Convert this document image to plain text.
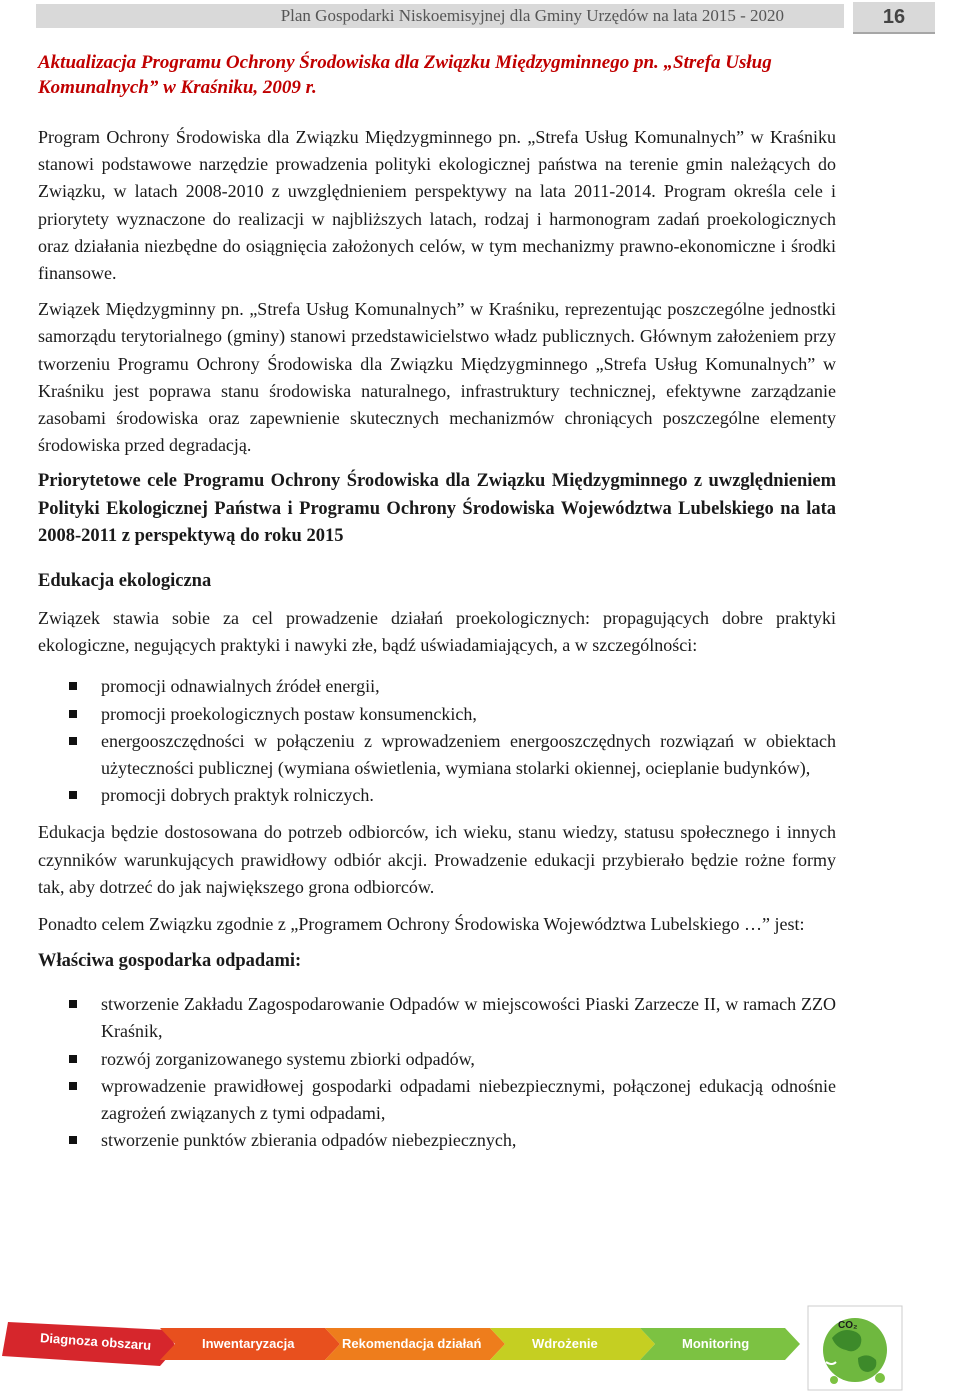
Plan Gospodarki Niskoemisyjnej dla Gminy Urzędów na lata 2015 - 2020	16
Aktualizacja Programu Ochrony Środowiska dla Związku Międzygminnego pn. „Strefa Usług Komunalnych” w Kraśniku, 2009 r.

Program Ochrony Środowiska dla Związku Międzygminnego pn. „Strefa Usług Komunalnych” w Kraśniku stanowi podstawowe narzędzie prowadzenia polityki ekologicznej państwa na terenie gmin należących do Związku, w latach 2008-2010 z uwzględnieniem perspektywy na lata 2011-2014. Program określa cele i priorytety wyznaczone do realizacji w najbliższych latach, rodzaj i harmonogram zadań proekologicznych oraz działania niezbędne do osiągnięcia założonych celów, w tym mechanizmy prawno-ekonomiczne i środki finansowe.

Związek Międzygminny pn. „Strefa Usług Komunalnych” w Kraśniku, reprezentując poszczególne jednostki samorządu terytorialnego (gminy) stanowi przedstawicielstwo władz publicznych. Głównym założeniem przy tworzeniu Programu Ochrony Środowiska dla Związku Międzygminnego „Strefa Usług Komunalnych” w Kraśniku jest poprawa stanu środowiska naturalnego, infrastruktury technicznej, efektywne zarządzanie zasobami środowiska oraz zapewnienie skutecznych mechanizmów chroniących poszczególne elementy środowiska przed degradacją.

Priorytetowe cele Programu Ochrony Środowiska dla Związku Międzygminnego z uwzględnieniem Polityki Ekologicznej Państwa i Programu Ochrony Środowiska Województwa Lubelskiego na lata 2008-2011 z perspektywą do roku 2015
Edukacja ekologiczna

Związek stawia sobie za cel prowadzenie działań proekologicznych: propagujących dobre praktyki ekologiczne, negujących praktyki i nawyki złe, bądź uświadamiających, a w szczególności:

promocji odnawialnych źródeł energii,
promocji proekologicznych postaw konsumenckich,
energooszczędności w połączeniu z wprowadzeniem energooszczędnych rozwiązań w obiektach użyteczności publicznej (wymiana oświetlenia, wymiana stolarki okiennej, ocieplanie budynków),
promocji dobrych praktyk rolniczych.

Edukacja będzie dostosowana do potrzeb odbiorców, ich wieku, stanu wiedzy, statusu społecznego i innych czynników warunkujących prawidłowy odbiór akcji. Prowadzenie edukacji przybierało będzie rożne formy tak, aby dotrzeć do jak największego grona odbiorców.

Ponadto celem Związku zgodnie z „Programem Ochrony Środowiska Województwa Lubelskiego …” jest:

Właściwa gospodarka odpadami:
stworzenie Zakładu Zagospodarowanie Odpadów w miejscowości Piaski Zarzecze II, w ramach ZZO Kraśnik,
rozwój zorganizowanego systemu zbiorki odpadów,
wprowadzenie prawidłowej gospodarki odpadami niebezpiecznymi, połączonej edukacją odnośnie zagrożeń związanych z tymi odpadami,
stworzenie punktów zbierania odpadów niebezpiecznych,
Diagnoza obszaru	Inwentaryzacja	Rekomendacja działań	Wdrożenie	Monitoring
CO₂
